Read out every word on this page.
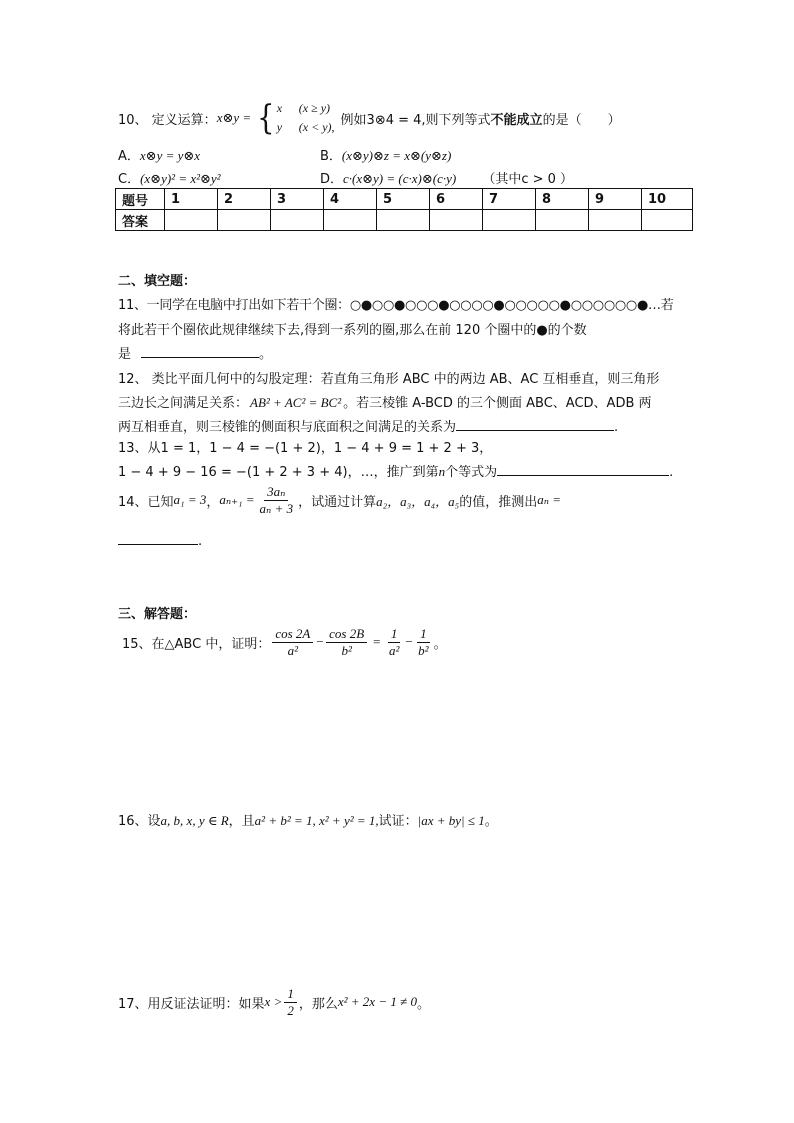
10、 定义运算： x⊗y = { x (x ≥ y)
y (x < y), 例如3⊗4 = 4,则下列等式 不能成立 的是（　　）
A．x⊗y = y⊗x	B．(x⊗y)⊗z = x⊗(y⊗z)
C．(x⊗y)² = x²⊗y²	D．c·(x⊗y) = (c·x)⊗(c·y) （其中c > 0 ）
题号	1	2	3	4	5	6	7	8	9	10
答案										
二、填空题：
11、一同学在电脑中打出如下若干个圈：○●○○●○○○●○○○○●○○○○○●○○○○○○●…若
将此若干个圈依此规律继续下去,得到一系列的圈,那么在前 120 个圈中的●的个数
是	。
12、 类比平面几何中的勾股定理：若直角三角形 ABC 中的两边 AB、AC 互相垂直，则三角形
三边长之间满足关系： AB² + AC² = BC² 。若三棱锥 A-BCD 的三个侧面 ABC、ACD、ADB 两
两互相垂直，则三棱锥的侧面积与底面积之间满足的关系为	.
13、从1 = 1，1 − 4 = −(1 + 2)，1 − 4 + 9 = 1 + 2 + 3，
1 − 4 + 9 − 16 = −(1 + 2 + 3 + 4)，…，推广到第n个等式为	.
14、已知 a₁ = 3 ， $a_{n+1} = \frac{\text{3aₙ}}{\text{aₙ + 3}}$ ，试通过计算 a₂，a₃，a₄，a₅ 的值，推测出 aₙ =
.
三、解答题：
15、在△ABC 中，证明： $\frac{\cos 2A}{\text{a²}} - \frac{\cos 2B}{\text{b²}} = \frac{1}{\text{a²}} - \frac{1}{\text{b²}}$ 。
16、设a, b, x, y ∈ R，且a² + b² = 1, x² + y² = 1,试证：|ax + by| ≤ 1。
17、用反证法证明：如果 $x > \frac{1}{2}$ ，那么 x² + 2x − 1 ≠ 0 。
